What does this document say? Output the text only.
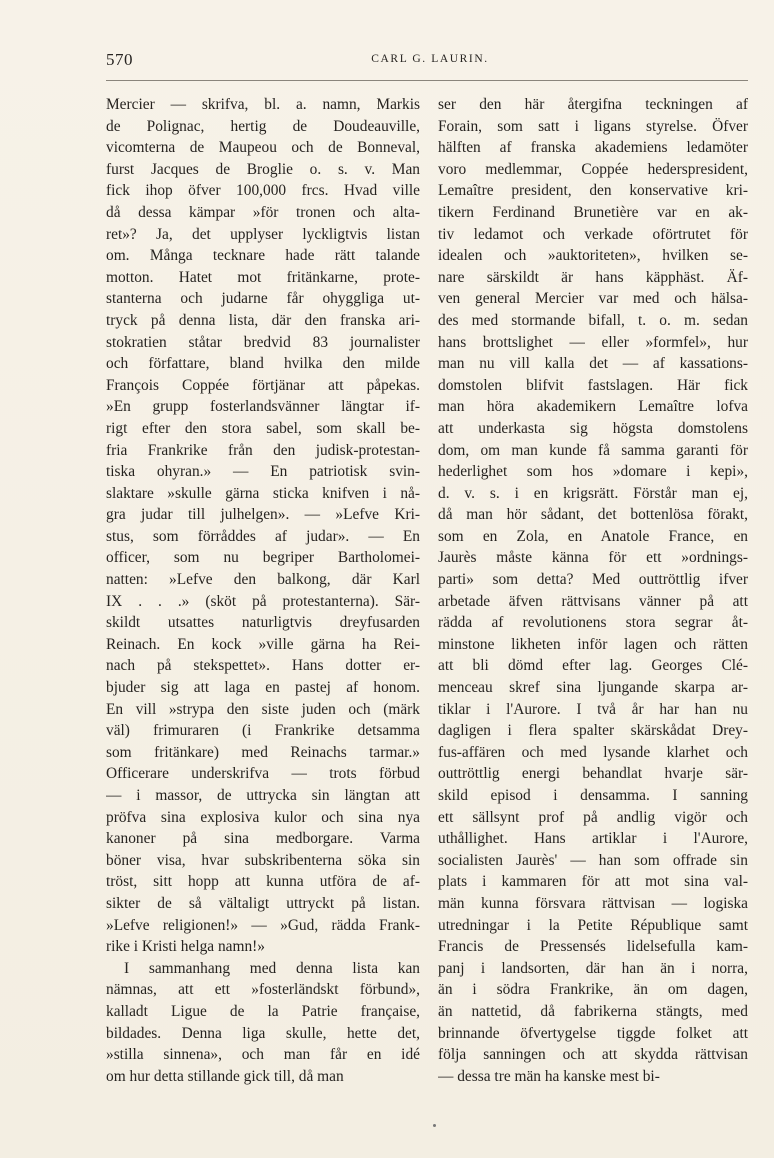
570	CARL G. LAURIN.
Mercier — skrifva, bl. a. namn, Markis
de Polignac, hertig de Doudeauville,
vicomterna de Maupeou och de Bonneval,
furst Jacques de Broglie o. s. v. Man
fick ihop öfver 100,000 frcs. Hvad ville
då dessa kämpar »för tronen och alta-
ret»? Ja, det upplyser lyckligtvis listan
om. Många tecknare hade rätt talande
motton. Hatet mot fritänkarne, prote-
stanterna och judarne får ohyggliga ut-
tryck på denna lista, där den franska ari-
stokratien ståtar bredvid 83 journalister
och författare, bland hvilka den milde
François Coppée förtjänar att påpekas.
»En grupp fosterlandsvänner längtar if-
rigt efter den stora sabel, som skall be-
fria Frankrike från den judisk-protestan-
tiska ohyran.» — En patriotisk svin-
slaktare »skulle gärna sticka knifven i nå-
gra judar till julhelgen». — »Lefve Kri-
stus, som förråddes af judar». — En
officer, som nu begriper Bartholomei-
natten: »Lefve den balkong, där Karl
IX . . .» (sköt på protestanterna). Sär-
skildt utsattes naturligtvis dreyfusarden
Reinach. En kock »ville gärna ha Rei-
nach på stekspettet». Hans dotter er-
bjuder sig att laga en pastej af honom.
En vill »strypa den siste juden och (märk
väl) frimuraren (i Frankrike detsamma
som fritänkare) med Reinachs tarmar.»
Officerare underskrifva — trots förbud
— i massor, de uttrycka sin längtan att
pröfva sina explosiva kulor och sina nya
kanoner på sina medborgare. Varma
böner visa, hvar subskribenterna söka sin
tröst, sitt hopp att kunna utföra de af-
sikter de så vältaligt uttryckt på listan.
»Lefve religionen!» — »Gud, rädda Frank-
rike i Kristi helga namn!»
I sammanhang med denna lista kan
nämnas, att ett »fosterländskt förbund»,
kalladt Ligue de la Patrie française,
bildades. Denna liga skulle, hette det,
»stilla sinnena», och man får en idé
om hur detta stillande gick till, då man
ser den här återgifna teckningen af
Forain, som satt i ligans styrelse. Öfver
hälften af franska akademiens ledamöter
voro medlemmar, Coppée hederspresident,
Lemaître president, den konservative kri-
tikern Ferdinand Brunetière var en ak-
tiv ledamot och verkade oförtrutet för
idealen och »auktoriteten», hvilken se-
nare särskildt är hans käpphäst. Äf-
ven general Mercier var med och hälsa-
des med stormande bifall, t. o. m. sedan
hans brottslighet — eller »formfel», hur
man nu vill kalla det — af kassations-
domstolen blifvit fastslagen. Här fick
man höra akademikern Lemaître lofva
att underkasta sig högsta domstolens
dom, om man kunde få samma garanti för
hederlighet som hos »domare i kepi»,
d. v. s. i en krigsrätt. Förstår man ej,
då man hör sådant, det bottenlösa förakt,
som en Zola, en Anatole France, en
Jaurès måste känna för ett »ordnings-
parti» som detta? Med outtröttlig ifver
arbetade äfven rättvisans vänner på att
rädda af revolutionens stora segrar åt-
minstone likheten inför lagen och rätten
att bli dömd efter lag. Georges Clé-
menceau skref sina ljungande skarpa ar-
tiklar i l'Aurore. I två år har han nu
dagligen i flera spalter skärskådat Drey-
fus-affären och med lysande klarhet och
outtröttlig energi behandlat hvarje sär-
skild episod i densamma. I sanning
ett sällsynt prof på andlig vigör och
uthållighet. Hans artiklar i l'Aurore,
socialisten Jaurès' — han som offrade sin
plats i kammaren för att mot sina val-
män kunna försvara rättvisan — logiska
utredningar i la Petite République samt
Francis de Pressensés lidelsefulla kam-
panj i landsorten, där han än i norra,
än i södra Frankrike, än om dagen,
än nattetid, då fabrikerna stängts, med
brinnande öfvertygelse tiggde folket att
följa sanningen och att skydda rättvisan
— dessa tre män ha kanske mest bi-
